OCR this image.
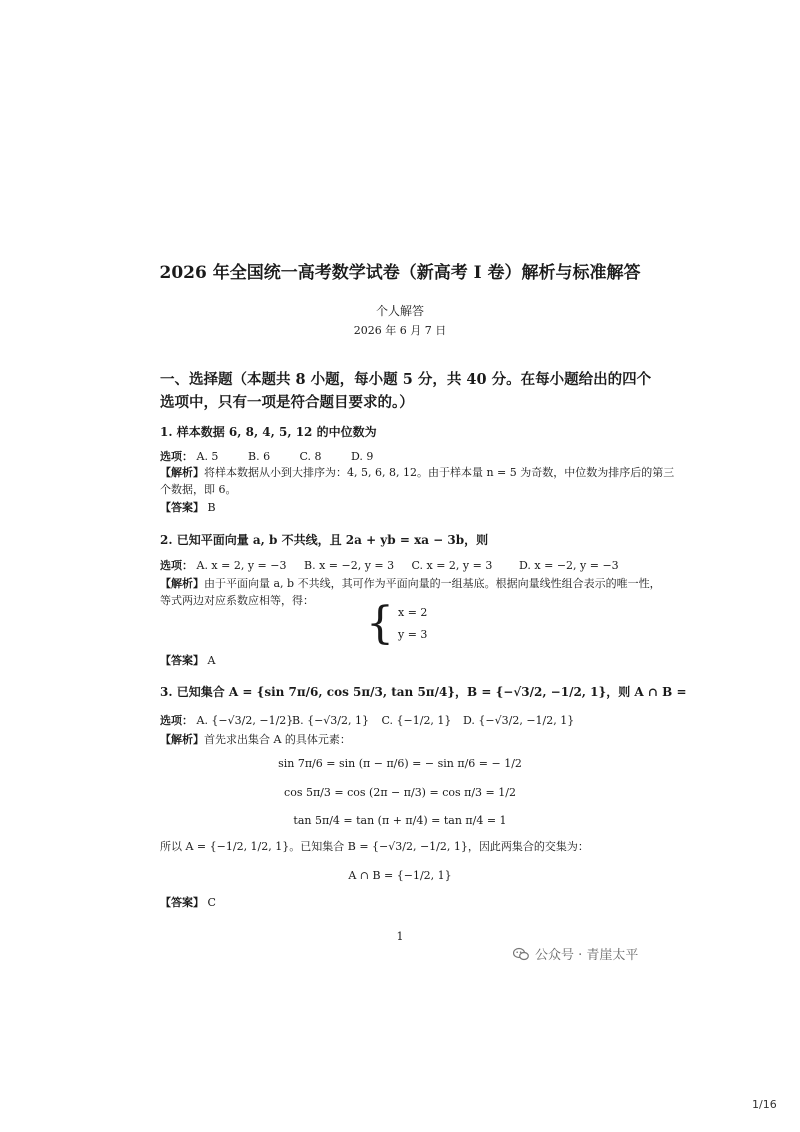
2026 年全国统一高考数学试卷（新高考 I 卷）解析与标准解答
个人解答
2026 年 6 月 7 日
一、选择题（本题共 8 小题，每小题 5 分，共 40 分。在每小题给出的四个
选项中，只有一项是符合题目要求的。）
1. 样本数据 6, 8, 4, 5, 12 的中位数为
选项： A. 5	B. 6	C. 8	D. 9
【解析】将样本数据从小到大排序为：4, 5, 6, 8, 12。由于样本量 n = 5 为奇数，中位数为排序后的第三
个数据，即 6。
【答案】 B
2. 已知平面向量 a, b 不共线，且 2a + yb = xa − 3b，则
选项： A. x = 2, y = −3 B. x = −2, y = 3 C. x = 2, y = 3 D. x = −2, y = −3
【解析】由于平面向量 a, b 不共线，其可作为平面向量的一组基底。根据向量线性组合表示的唯一性，
等式两边对应系数应相等，得： { x = 2
y = 3
【答案】 A
3. 已知集合 A = {sin 7π/6, cos 5π/3, tan 5π/4}，B = {−√3/2, −1/2, 1}，则 A ∩ B =
选项： A. {−√3/2, −1/2} B. {−√3/2, 1} C. {−1/2, 1} D. {−√3/2, −1/2, 1}
【解析】首先求出集合 A 的具体元素：
sin 7π/6 = sin (π − π/6) = − sin π/6 = − 1/2
cos 5π/3 = cos (2π − π/3) = cos π/3 = 1/2
tan 5π/4 = tan (π + π/4) = tan π/4 = 1
所以 A = {−1/2, 1/2, 1}。已知集合 B = {−√3/2, −1/2, 1}，因此两集合的交集为：
A ∩ B = {−1/2, 1}
【答案】 C
1
公众号 · 青崖太平
1/16
